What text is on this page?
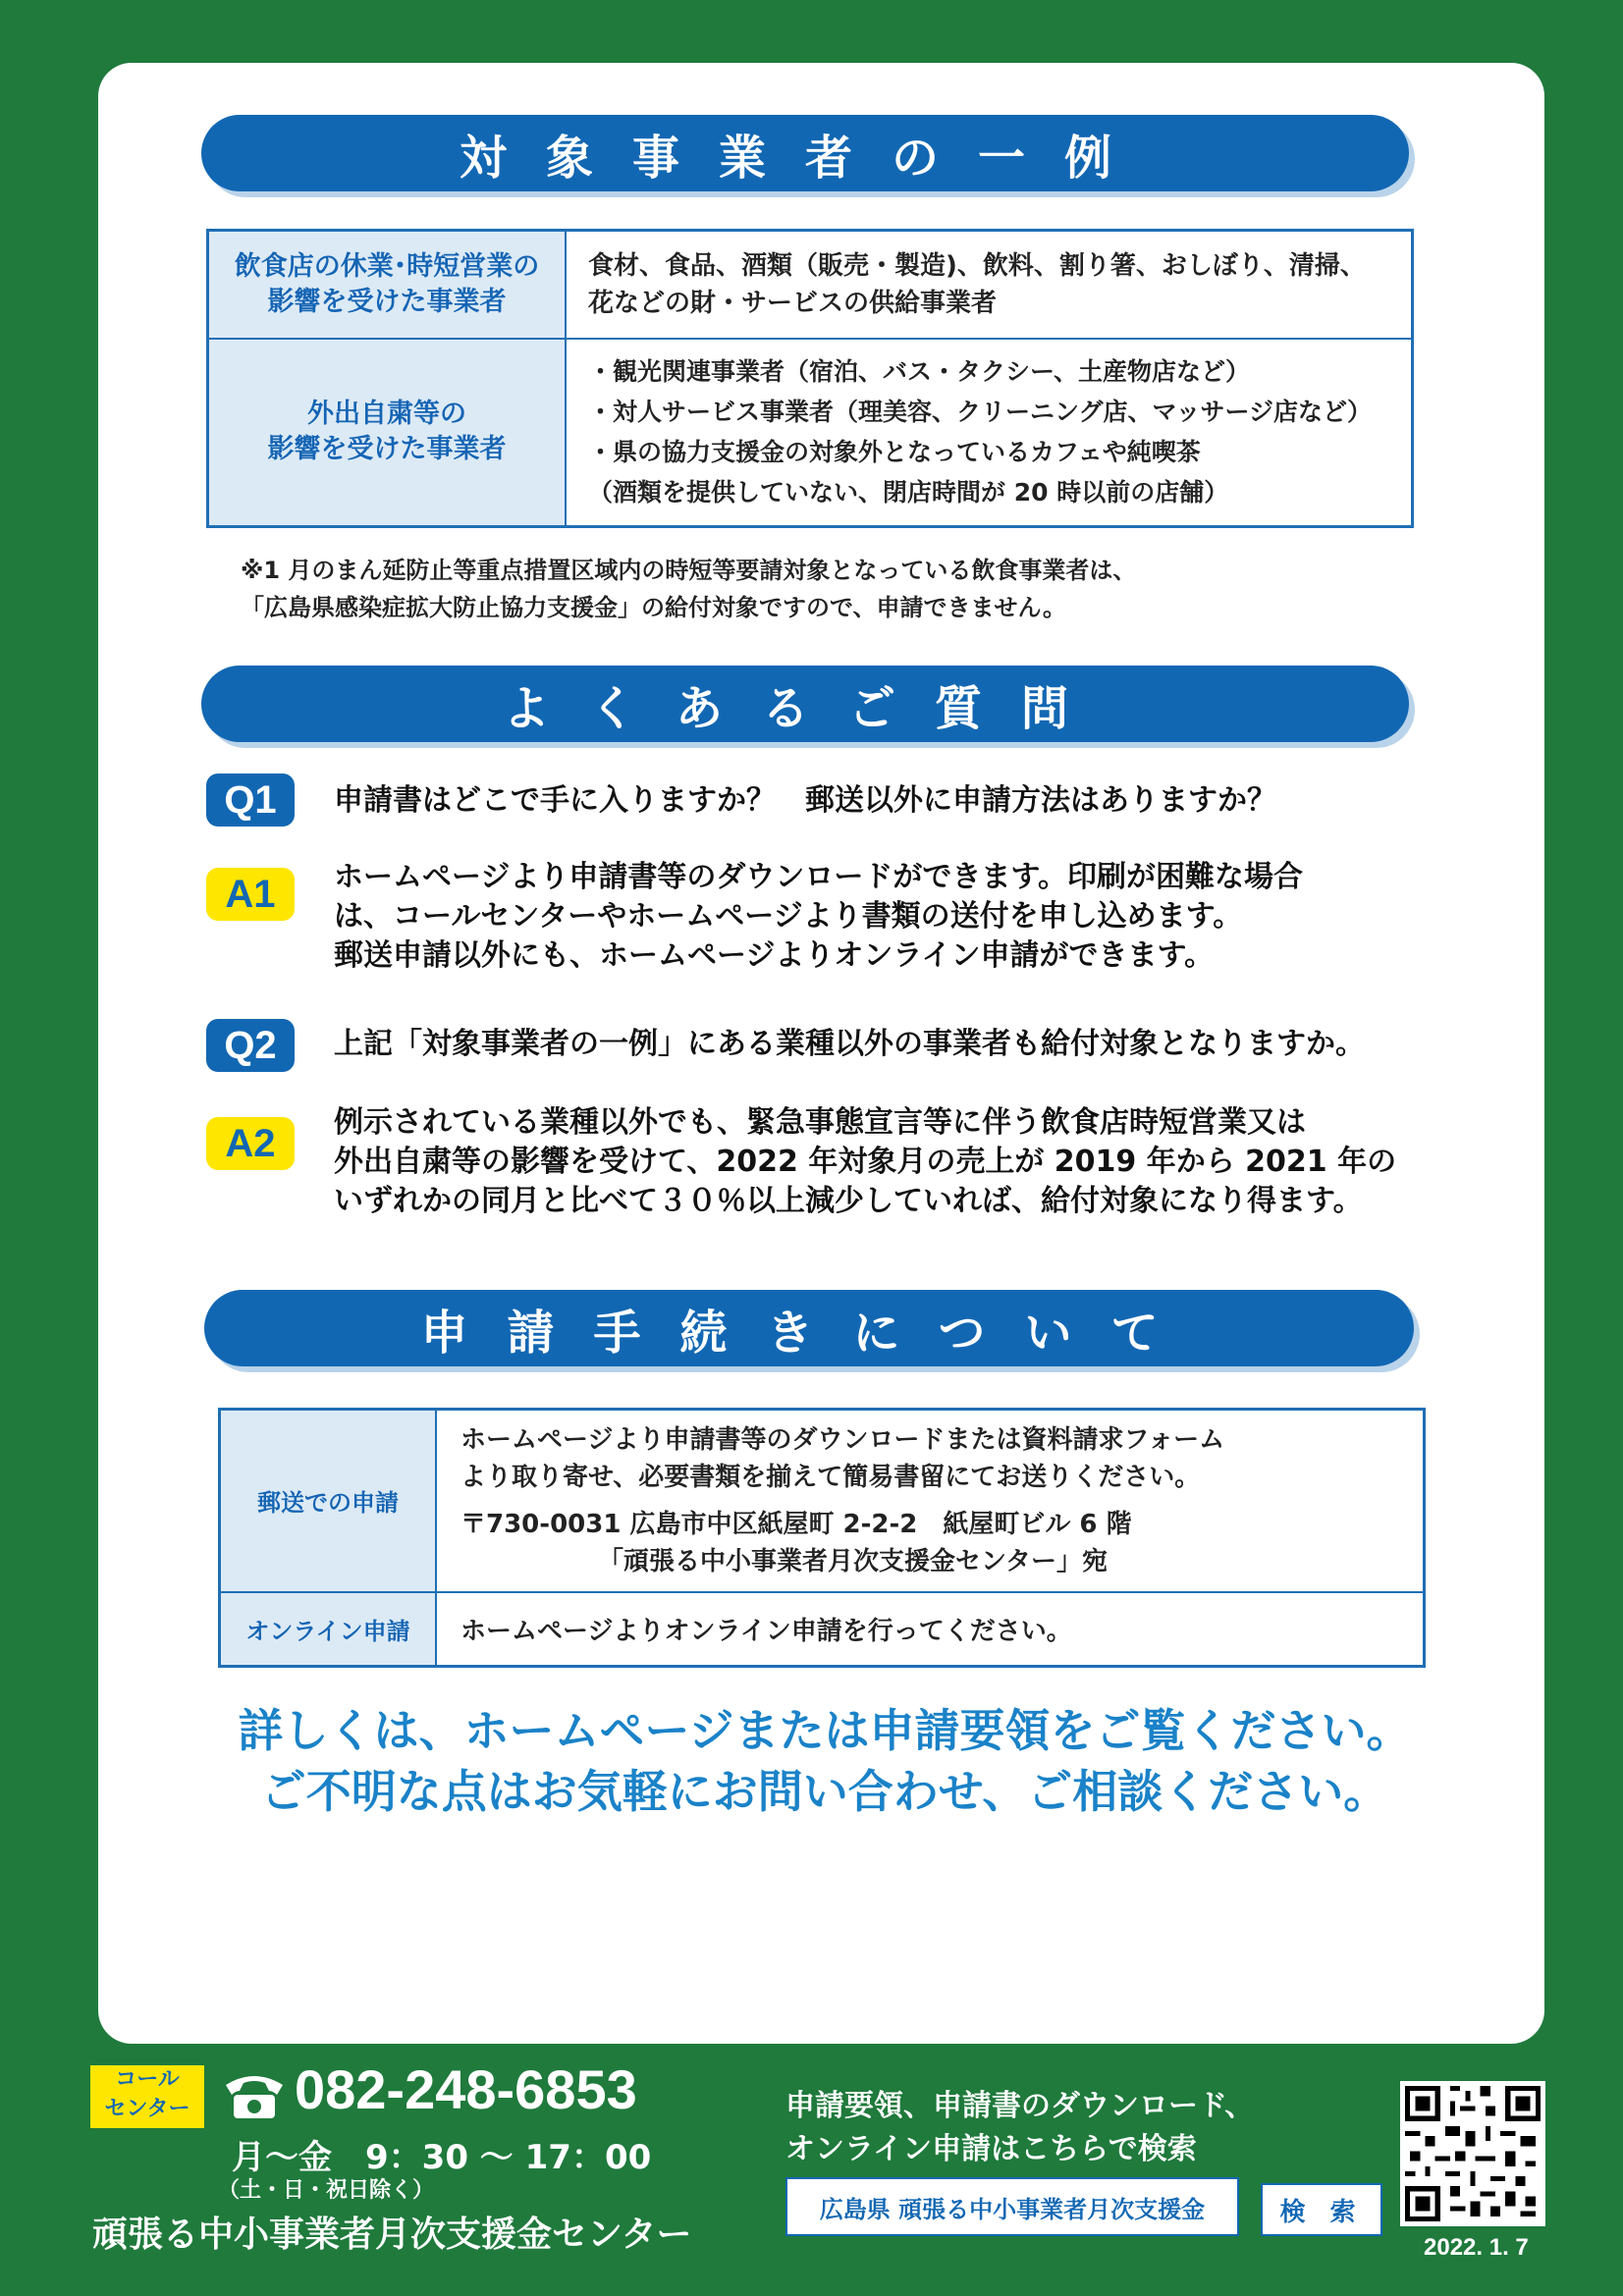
対象事業者の一例
飲食店の休業･時短営業の
影響を受けた事業者	食材、食品、酒類（販売・製造)、飲料、割り箸、おしぼり、清掃、
花などの財・サービスの供給事業者

外出自粛等の
影響を受けた事業者	・観光関連事業者（宿泊、バス・タクシー、土産物店など）
・対人サービス事業者（理美容、クリーニング店、マッサージ店など）
・県の協力支援金の対象外となっているカフェや純喫茶
（酒類を提供していない、閉店時間が 20 時以前の店舗）
※1 月のまん延防止等重点措置区域内の時短等要請対象となっている飲食事業者は、
「広島県感染症拡大防止協力支援金」の給付対象ですので、申請できません。
よくあるご質問
Q1 申請書はどこで手に入りますか？　郵送以外に申請方法はありますか？
A1 ホームページより申請書等のダウンロードができます。印刷が困難な場合
は、コールセンターやホームページより書類の送付を申し込めます。
郵送申請以外にも、ホームページよりオンライン申請ができます。
Q2 上記「対象事業者の一例」にある業種以外の事業者も給付対象となりますか。
A2 例示されている業種以外でも、緊急事態宣言等に伴う飲食店時短営業又は
外出自粛等の影響を受けて、2022 年対象月の売上が 2019 年から 2021 年の
いずれかの同月と比べて３０％以上減少していれば、給付対象になり得ます。
申請手続きについて
郵送での申請	ホームページより申請書等のダウンロードまたは資料請求フォーム
より取り寄せ、必要書類を揃えて簡易書留にてお送りください。
〒730-0031 広島市中区紙屋町 2-2-2　紙屋町ビル 6 階
「頑張る中小事業者月次支援金センター」宛

オンライン申請	ホームページよりオンライン申請を行ってください。
詳しくは、ホームページまたは申請要領をご覧ください。
ご不明な点はお気軽にお問い合わせ、ご相談ください。
コール
センター 082-248-6853
月～金　9：30 ～ 17：00
（土・日・祝日除く）
頑張る中小事業者月次支援金センター
申請要領、申請書のダウンロード、
オンライン申請はこちらで検索
広島県 頑張る中小事業者月次支援金	検 索
2022. 1. 7
